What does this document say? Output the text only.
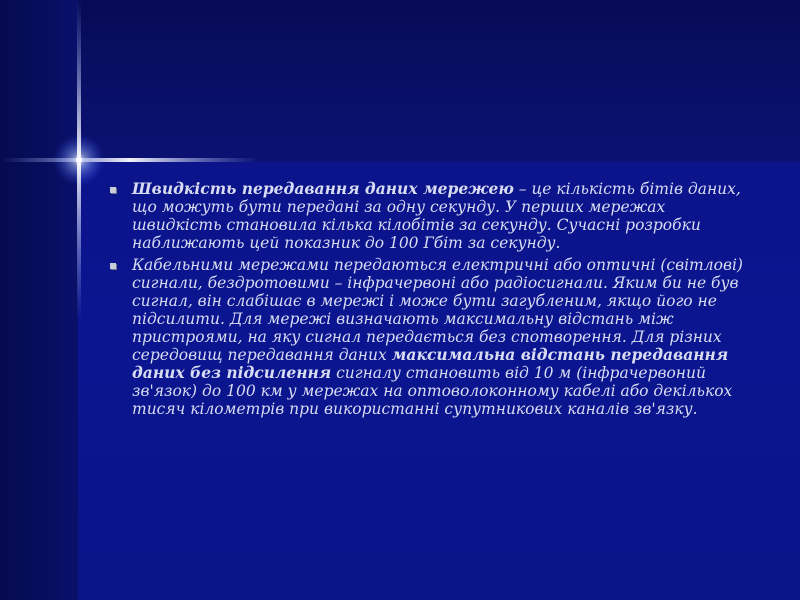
Швидкість передавання даних мережею – це кількість бітів даних, що можуть бути передані за одну секунду. У перших мережах швидкість становила кілька кілобітів за секунду. Сучасні розробки наближають цей показник до 100 Гбіт за секунду.
Кабельними мережами передаються електричні або оптичні (світлові) сигнали, бездротовими – інфрачервоні або радіосигнали. Яким би не був сигнал, він слабішає в мережі і може бути загубленим, якщо його не підсилити. Для мережі визначають максимальну відстань між пристроями, на яку сигнал передається без спотворення. Для різних середовищ передавання даних максимальна відстань передавання даних без підсилення сигналу становить від 10 м (інфрачервоний зв'язок) до 100 км у мережах на оптоволоконному кабелі або декількох тисяч кілометрів при використанні супутникових каналів зв'язку.
